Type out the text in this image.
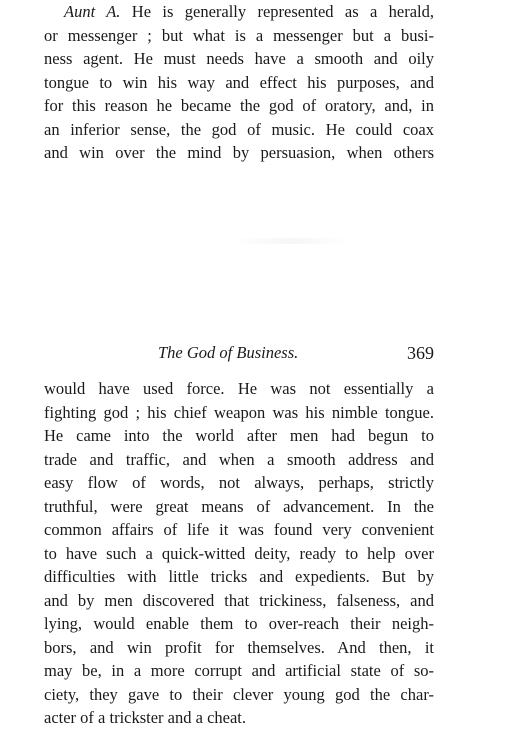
Aunt A. He is generally represented as a herald,
or messenger ; but what is a messenger but a busi-
ness agent. He must needs have a smooth and oily
tongue to win his way and effect his purposes, and
for this reason he became the god of oratory, and, in
an inferior sense, the god of music. He could coax
and win over the mind by persuasion, when others
The God of Business.	369
would have used force. He was not essentially a
fighting god ; his chief weapon was his nimble tongue.
He came into the world after men had begun to
trade and traffic, and when a smooth address and
easy flow of words, not always, perhaps, strictly
truthful, were great means of advancement. In the
common affairs of life it was found very convenient
to have such a quick-witted deity, ready to help over
difficulties with little tricks and expedients. But by
and by men discovered that trickiness, falseness, and
lying, would enable them to over-reach their neigh-
bors, and win profit for themselves. And then, it
may be, in a more corrupt and artificial state of so-
ciety, they gave to their clever young god the char-
acter of a trickster and a cheat.
